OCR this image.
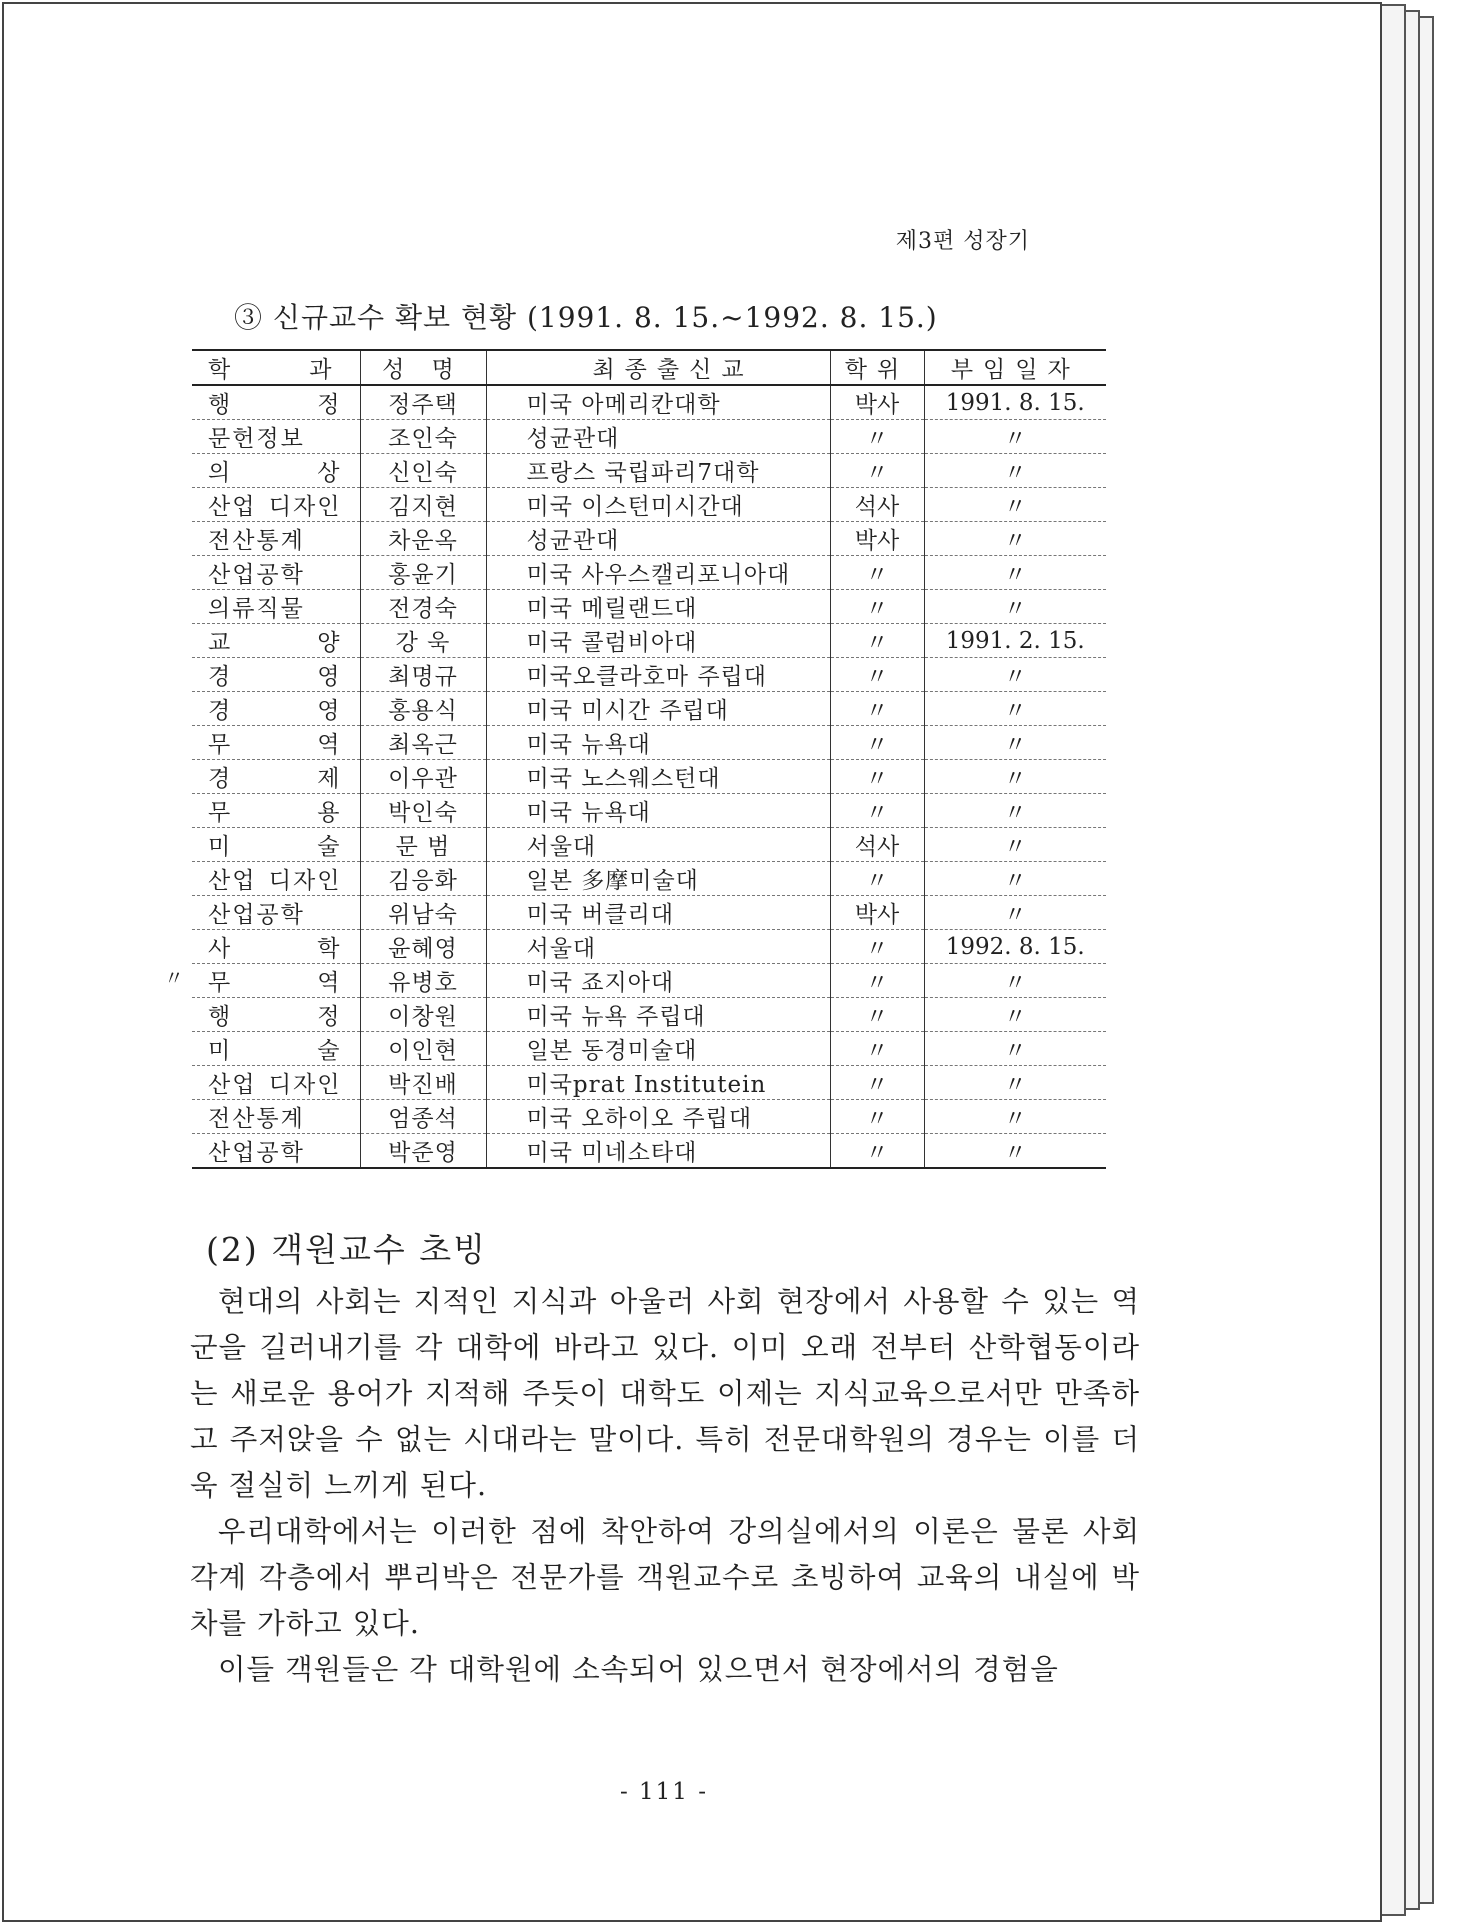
제3편 성장기
③ 신규교수 확보 현황 (1991. 8. 15.~1992. 8. 15.)
학 과	성 명	최종출신교	학위	부임일자
행 정	정주택	미국 아메리칸대학	박사	1991. 8. 15.
문헌정보	조인숙	성균관대	〃	〃
의 상	신인숙	프랑스 국립파리7대학	〃	〃
산업 디자인	김지현	미국 이스턴미시간대	석사	〃
전산통계	차운옥	성균관대	박사	〃
산업공학	홍윤기	미국 사우스캘리포니아대	〃	〃
의류직물	전경숙	미국 메릴랜드대	〃	〃
교 양	강 욱	미국 콜럼비아대	〃	1991. 2. 15.
경 영	최명규	미국오클라호마 주립대	〃	〃
경 영	홍용식	미국 미시간 주립대	〃	〃
무 역	최옥근	미국 뉴욕대	〃	〃
경 제	이우관	미국 노스웨스턴대	〃	〃
무 용	박인숙	미국 뉴욕대	〃	〃
미 술	문 범	서울대	석사	〃
산업 디자인	김응화	일본 多摩미술대	〃	〃
산업공학	위남숙	미국 버클리대	박사	〃
사 학	윤혜영	서울대	〃	1992. 8. 15.
무 역	유병호	미국 죠지아대	〃	〃
행 정	이창원	미국 뉴욕 주립대	〃	〃
미 술	이인현	일본 동경미술대	〃	〃
산업 디자인	박진배	미국prat Institutein	〃	〃
전산통계	엄종석	미국 오하이오 주립대	〃	〃
산업공학	박준영	미국 미네소타대	〃	〃
〃
(2) 객원교수 초빙

현대의 사회는 지적인 지식과 아울러 사회 현장에서 사용할 수 있는 역군을 길러내기를 각 대학에 바라고 있다. 이미 오래 전부터 산학협동이라는 새로운 용어가 지적해 주듯이 대학도 이제는 지식교육으로서만 만족하고 주저앉을 수 없는 시대라는 말이다. 특히 전문대학원의 경우는 이를 더욱 절실히 느끼게 된다.

우리대학에서는 이러한 점에 착안하여 강의실에서의 이론은 물론 사회 각계 각층에서 뿌리박은 전문가를 객원교수로 초빙하여 교육의 내실에 박차를 가하고 있다.

이들 객원들은 각 대학원에 소속되어 있으면서 현장에서의 경험을

- 111 -
